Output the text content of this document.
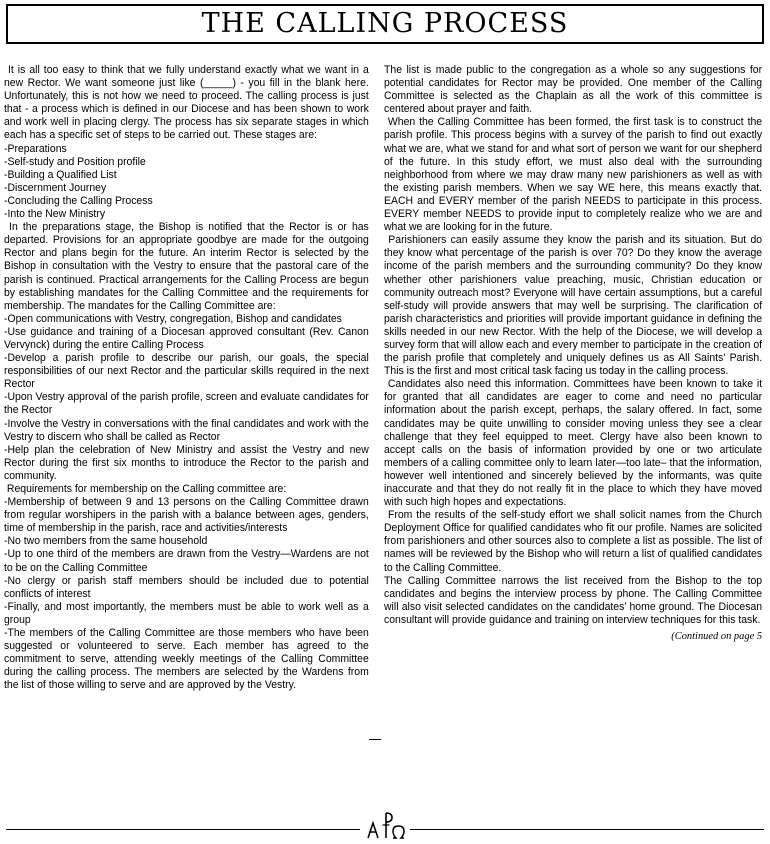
THE CALLING PROCESS

It is all too easy to think that we fully understand exactly what we want in a new Rector. We want someone just like (_____) - you fill in the blank here. Unfortunately, this is not how we need to proceed. The calling process is just that - a process which is defined in our Diocese and has been shown to work and work well in placing clergy. The process has six separate stages in which each has a specific set of steps to be carried out. These stages are:

-Preparations

-Self-study and Position profile

-Building a Qualified List

-Discernment Journey

-Concluding the Calling Process

-Into the New Ministry

In the preparations stage, the Bishop is notified that the Rector is or has departed. Provisions for an appropriate goodbye are made for the outgoing Rector and plans begin for the future. An interim Rector is selected by the Bishop in consultation with the Vestry to ensure that the pastoral care of the parish is continued. Practical arrangements for the Calling Process are begun by establishing mandates for the Calling Committee and the requirements for membership. The mandates for the Calling Committee are:

-Open communications with Vestry, congregation, Bishop and candidates

-Use guidance and training of a Diocesan approved consultant (Rev. Canon Vervynck) during the entire Calling Process

-Develop a parish profile to describe our parish, our goals, the special responsibilities of our next Rector and the particular skills required in the next Rector

-Upon Vestry approval of the parish profile, screen and evaluate candidates for the Rector

-Involve the Vestry in conversations with the final candidates and work with the Vestry to discern who shall be called as Rector

-Help plan the celebration of New Ministry and assist the Vestry and new Rector during the first six months to introduce the Rector to the parish and community.

Requirements for membership on the Calling committee are:

-Membership of between 9 and 13 persons on the Calling Committee drawn from regular worshipers in the parish with a balance between ages, genders, time of membership in the parish, race and activities/interests

-No two members from the same household

-Up to one third of the members are drawn from the Vestry—Wardens are not to be on the Calling Committee

-No clergy or parish staff members should be included due to potential conflicts of interest

-Finally, and most importantly, the members must be able to work well as a group

-The members of the Calling Committee are those members who have been suggested or volunteered to serve. Each member has agreed to the commitment to serve, attending weekly meetings of the Calling Committee during the calling process. The members are selected by the Wardens from the list of those willing to serve and are approved by the Vestry.

The list is made public to the congregation as a whole so any suggestions for potential candidates for Rector may be provided. One member of the Calling Committee is selected as the Chaplain as all the work of this committee is centered about prayer and faith.

When the Calling Committee has been formed, the first task is to construct the parish profile. This process begins with a survey of the parish to find out exactly what we are, what we stand for and what sort of person we want for our shepherd of the future. In this study effort, we must also deal with the surrounding neighborhood from where we may draw many new parishioners as well as with the existing parish members. When we say WE here, this means exactly that. EACH and EVERY member of the parish NEEDS to participate in this process. EVERY member NEEDS to provide input to completely realize who we are and what we are looking for in the future.

Parishioners can easily assume they know the parish and its situation. But do they know what percentage of the parish is over 70? Do they know the average income of the parish members and the surrounding community? Do they know whether other parishioners value preaching, music, Christian education or community outreach most? Everyone will have certain assumptions, but a careful self-study will provide answers that may well be surprising. The clarification of parish characteristics and priorities will provide important guidance in defining the skills needed in our new Rector. With the help of the Diocese, we will develop a survey form that will allow each and every member to participate in the creation of the parish profile that completely and uniquely defines us as All Saints’ Parish. This is the first and most critical task facing us today in the calling process.

Candidates also need this information. Committees have been known to take it for granted that all candidates are eager to come and need no particular information about the parish except, perhaps, the salary offered. In fact, some candidates may be quite unwilling to consider moving unless they see a clear challenge that they feel equipped to meet. Clergy have also been known to accept calls on the basis of information provided by one or two articulate members of a calling committee only to learn later—too late– that the information, however well intentioned and sincerely believed by the informants, was quite inaccurate and that they do not really fit in the place to which they have moved with such high hopes and expectations.

From the results of the self-study effort we shall solicit names from the Church Deployment Office for qualified candidates who fit our profile. Names are solicited from parishioners and other sources also to complete a list as possible. The list of names will be reviewed by the Bishop who will return a list of qualified candidates to the Calling Committee.

The Calling Committee narrows the list received from the Bishop to the top candidates and begins the interview process by phone. The Calling Committee will also visit selected candidates on the candidates’ home ground. The Diocesan consultant will provide guidance and training on interview techniques for this task.

(Continued on page 5
